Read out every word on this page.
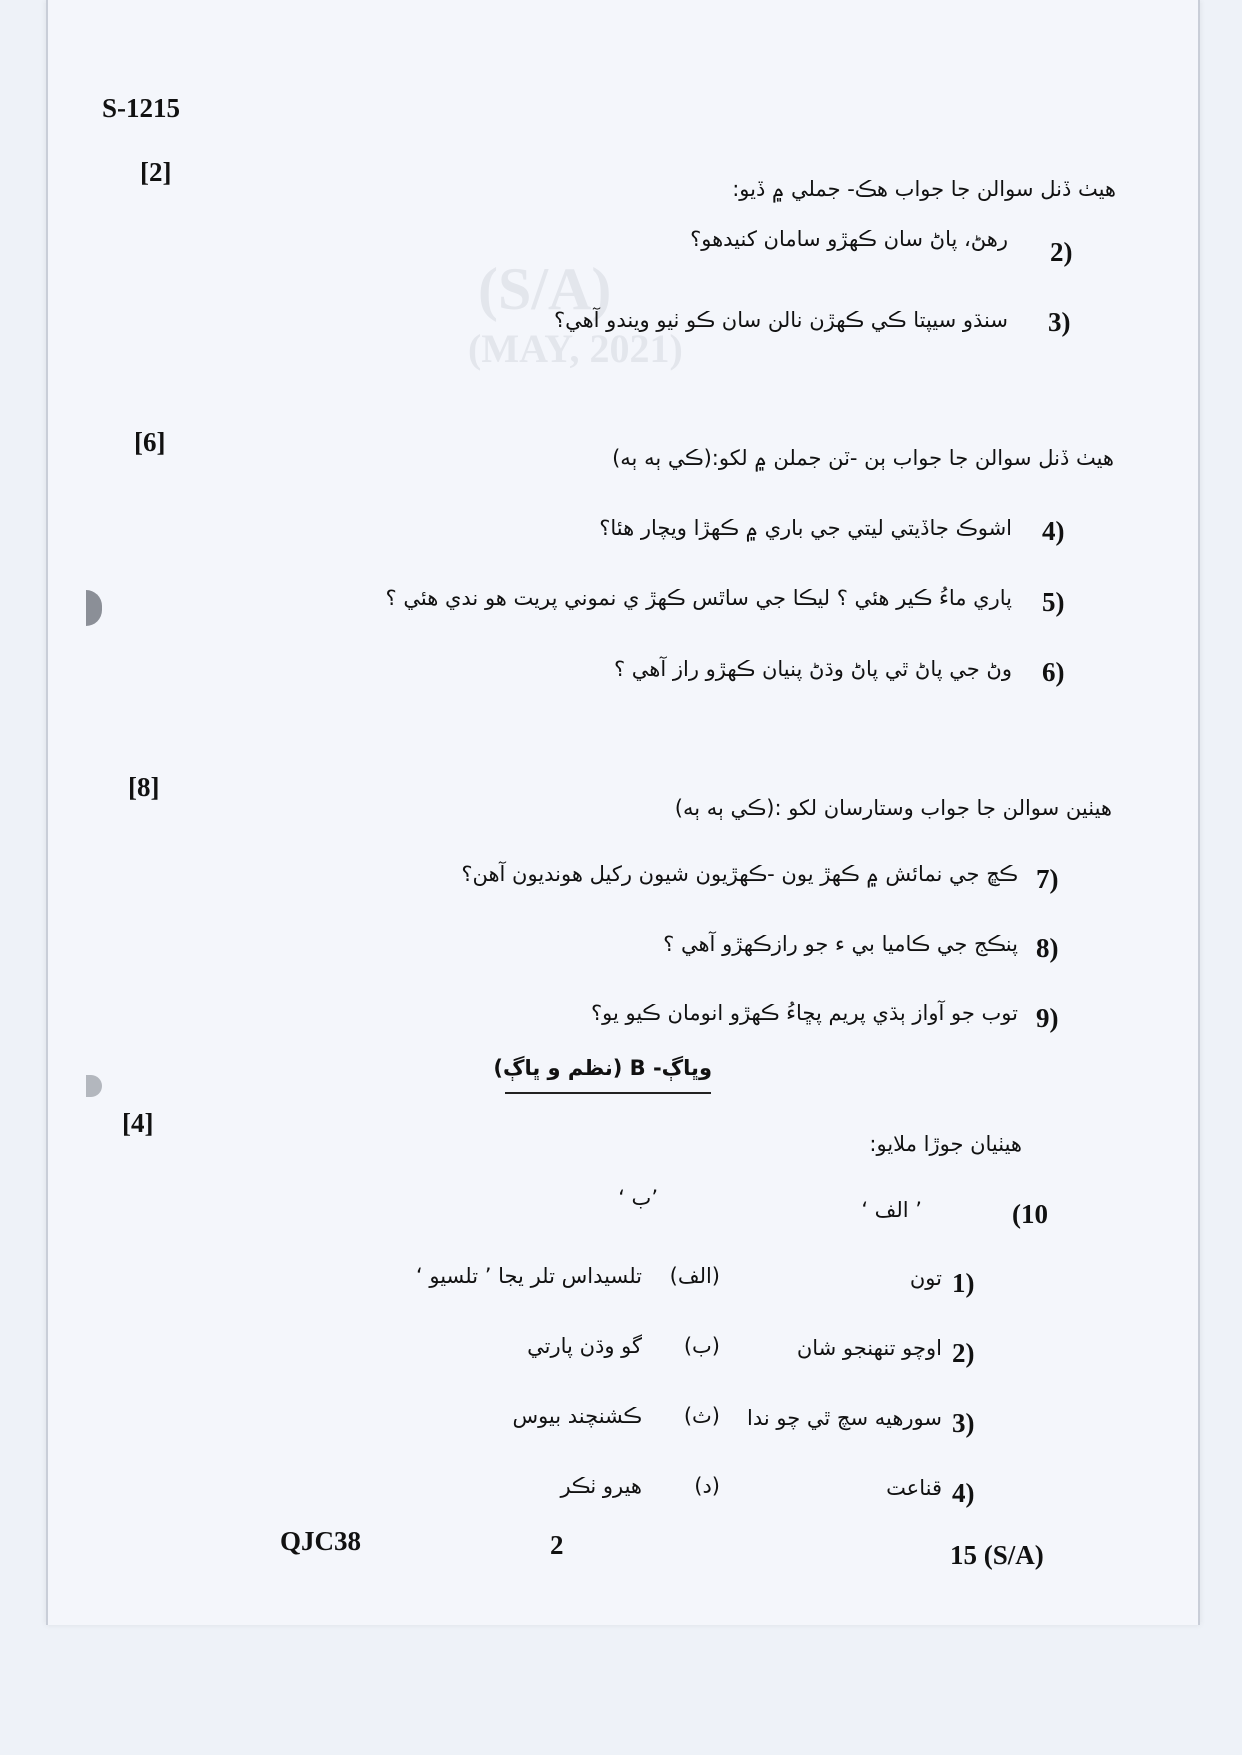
(S/A)
(MAY, 2021)
S-1215
[2]
هيٺ ڏنل سوالن جا جواب هڪ- جملي ۾ ڏيو:
2)
رهڻ، پاڻ سان ڪهڙو سامان کنيدهو؟
3)
سنڌو سيپتا ڪي ڪهڙن نالن سان ڪو ٺيو ويندو آهي؟
[6]
هيٺ ڏنل سوالن جا جواب ٻن -ٽن جملن ۾ لکو:(ڪي ٻه ٻه)
4)
اشوڪ جاڏيتي ليتي جي باري ۾ ڪهڙا ويچار هئا؟
5)
پاري ماءُ ڪير هئي ؟ ليڪا جي ساٿس ڪهڙ ي نموني پريت هو ندي هئي ؟
6)
وڻ جي پاڻ ٿي پاڻ وڌڻ پنيان ڪهڙو راز آهي ؟
[8]
هيٺين سوالن جا جواب وستارسان لکو :(ڪي ٻه ٻه)
7)
ڪڇ جي نمائش ۾ ڪهڙ يون -ڪهڙيون شيون رکيل هونديون آهن؟
8)
پنڪج جي ڪاميا بي ء جو رازڪهڙو آهي ؟
9)
توب جو آواز ٻڌي پريم پڇاءُ ڪهڙو انومان ڪيو يو؟
وڀاڳ- B (نظم و ڀاڳ)
[4]
هيٺيان جوڙا ملايو:
(10
’ الف ‘
’ب ‘
1)
تون
(الف)
تلسيداس تلر يجا ’ تلسيو ‘
2)
اوچو تنهنجو شان
(ب)
گو وڌن پارتي
3)
سورهيه سچ ٿي چو ندا
(ث)
ڪشنچند بيوس
4)
قناعت
(د)
هيرو ٺڪر
QJC38	2	15 (S/A)
